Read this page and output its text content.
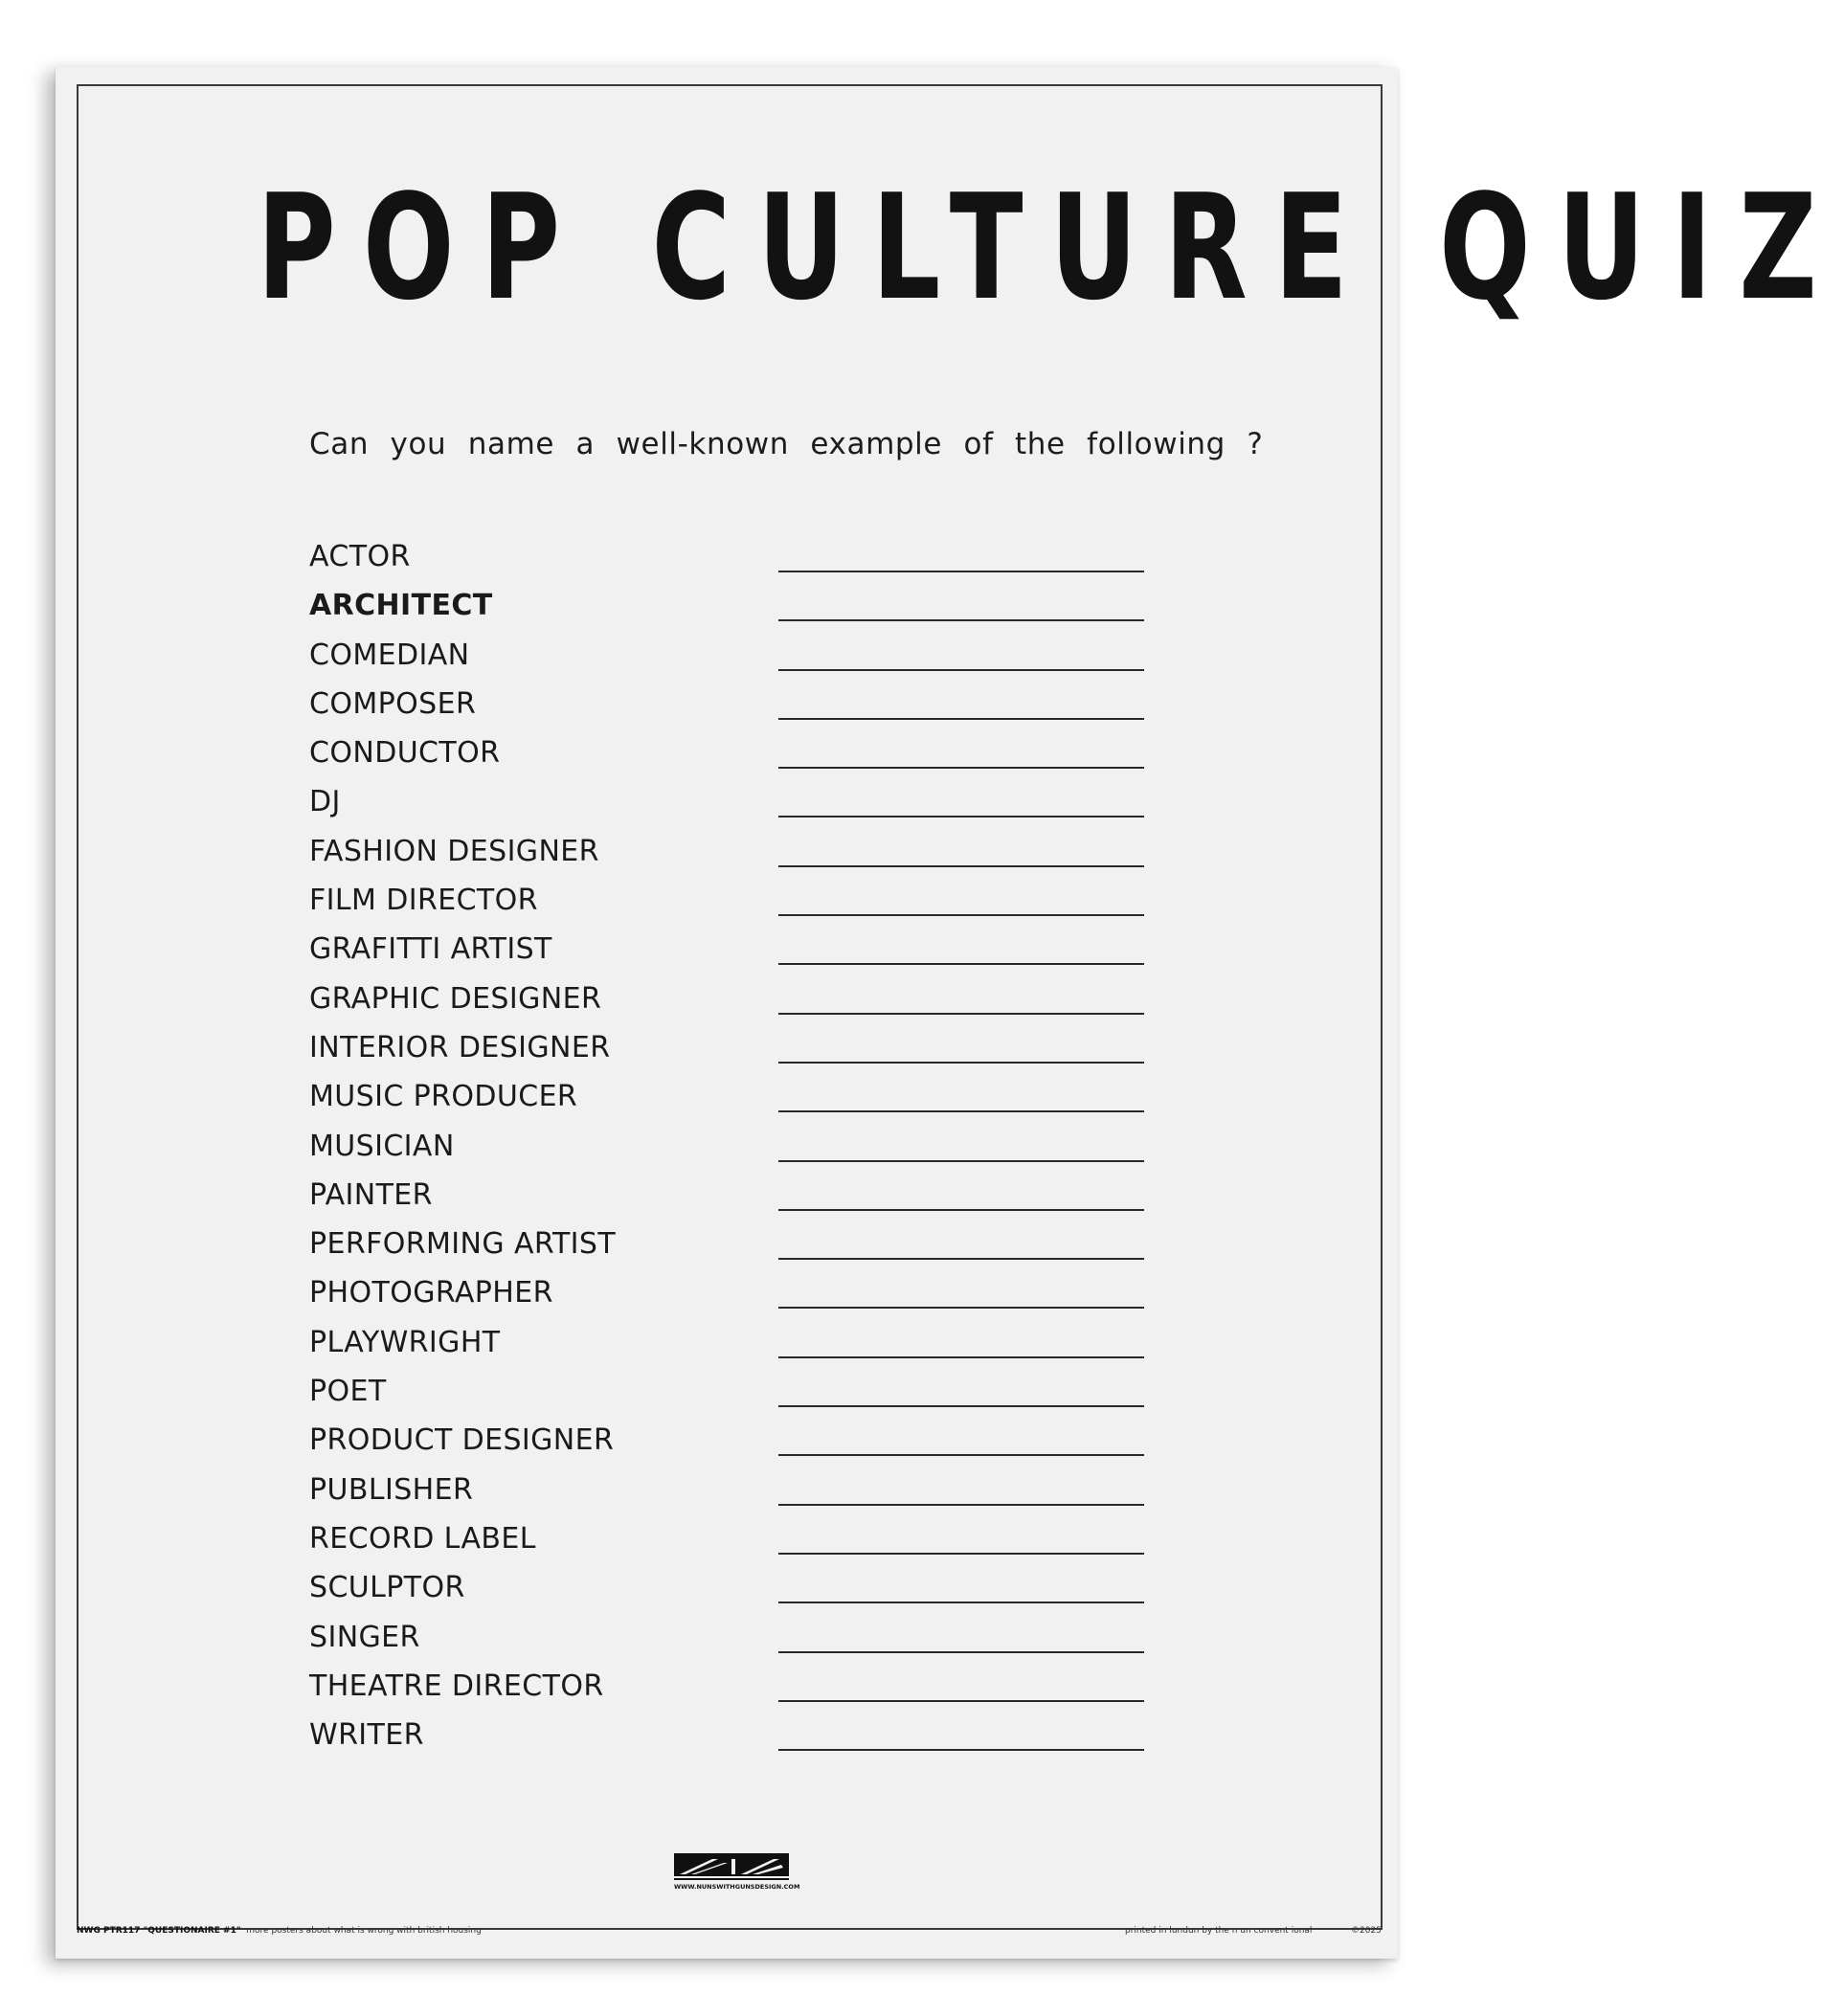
POP CULTURE QUIZ
Can you name a well-known example of the following ?
ACTOR
ARCHITECT
COMEDIAN
COMPOSER
CONDUCTOR
DJ
FASHION DESIGNER
FILM DIRECTOR
GRAFITTI ARTIST
GRAPHIC DESIGNER
INTERIOR DESIGNER
MUSIC PRODUCER
MUSICIAN
PAINTER
PERFORMING ARTIST
PHOTOGRAPHER
PLAYWRIGHT
POET
PRODUCT DESIGNER
PUBLISHER
RECORD LABEL
SCULPTOR
SINGER
THEATRE DIRECTOR
WRITER
WWW.NUNSWITHGUNSDESIGN.COM
NWG PTR117 "QUESTIONAIRE #1" more posters about what is wrong with british housing	printed in lundun by the n un convent ional	©2025
